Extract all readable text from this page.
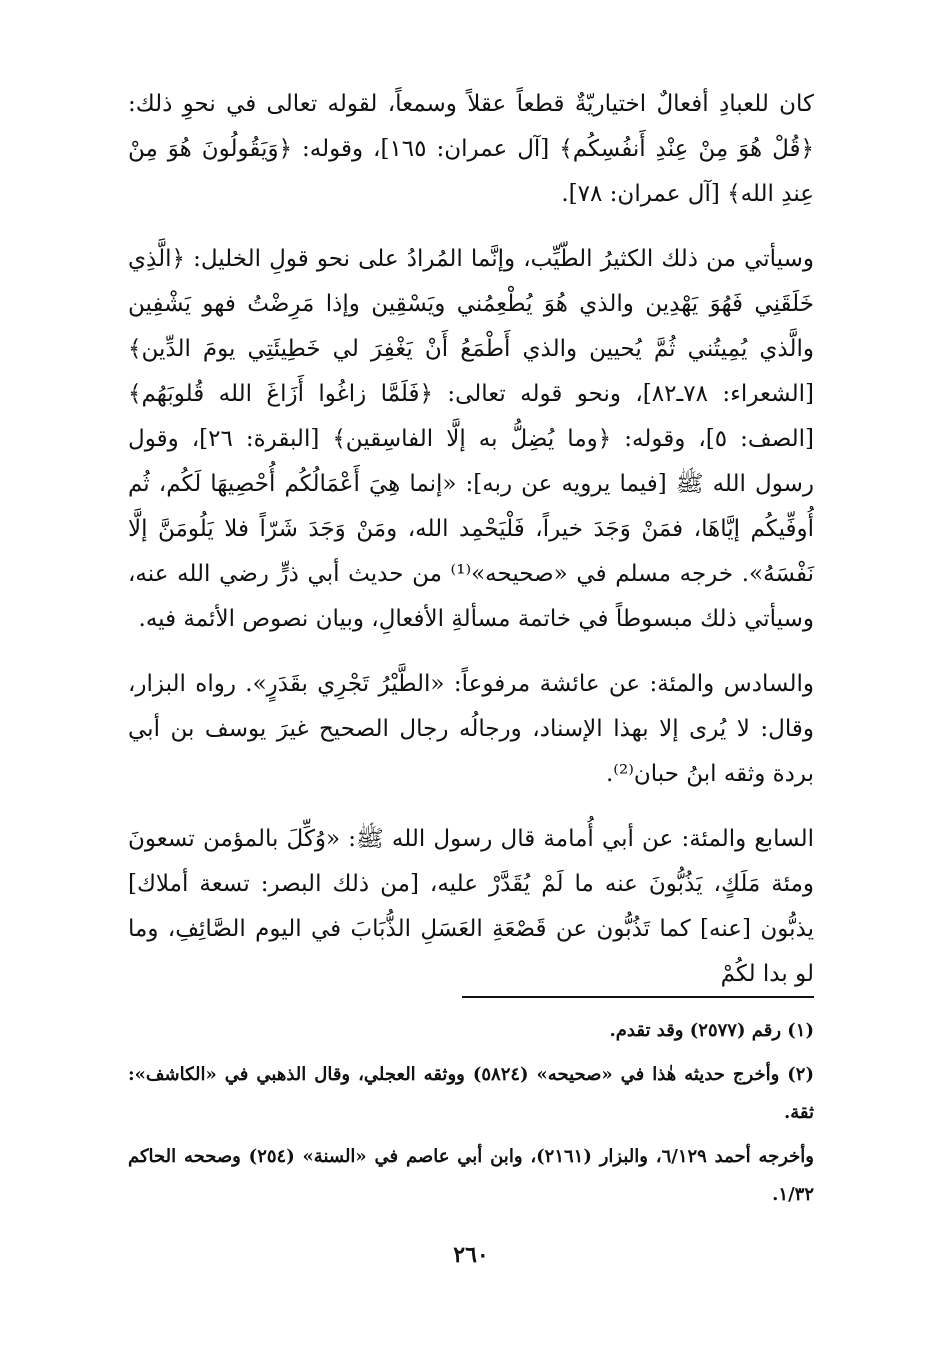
كان للعبادِ أفعالٌ اختياريّةٌ قطعاً عقلاً وسمعاً، لقوله تعالى في نحوِ ذلك: ﴿قُلْ هُوَ مِنْ عِنْدِ أَنفُسِكُم﴾ [آل عمران: ١٦٥]، وقوله: ﴿وَيَقُولُونَ هُوَ مِنْ عِندِ الله﴾ [آل عمران: ٧٨].

وسيأتي من ذلك الكثيرُ الطّيِّب، وإنَّما المُرادُ على نحو قولِ الخليل: ﴿الَّذِي خَلَقَنِي فَهُوَ يَهْدِين والذي هُوَ يُطْعِمُني ويَسْقِين وإذا مَرِضْتُ فهو يَشْفِين والَّذي يُمِيتُني ثُمَّ يُحيين والذي أَطْمَعُ أَنْ يَغْفِرَ لي خَطِيئَتِي يومَ الدِّين﴾ [الشعراء: ٧٨ـ٨٢]، ونحو قوله تعالى: ﴿فَلَمَّا زاغُوا أَزَاغَ الله قُلوبَهُم﴾ [الصف: ٥]، وقوله: ﴿وما يُضِلُّ به إلَّا الفاسِقين﴾ [البقرة: ٢٦]، وقول رسول الله ﷺ [فيما يرويه عن ربه]: «إنما هِيَ أَعْمَالُكُم أُحْصِيهَا لَكُم، ثُم أُوفِّيكُم إيَّاهَا، فمَنْ وَجَدَ خيراً، فَلْيَحْمِد الله، ومَنْ وَجَدَ شَرّاً فلا يَلُومَنَّ إلَّا نَفْسَهُ». خرجه مسلم في «صحيحه»⁽¹⁾ من حديث أبي ذرٍّ رضي الله عنه، وسيأتي ذلك مبسوطاً في خاتمة مسألةِ الأفعالِ، وبيان نصوص الأئمة فيه.

والسادس والمئة: عن عائشة مرفوعاً: «الطَّيْرُ تَجْرِي بقَدَرٍ». رواه البزار، وقال: لا يُرى إلا بهذا الإسناد، ورجالُه رجال الصحيح غيرَ يوسف بن أبي بردة وثقه ابنُ حبان⁽²⁾.

السابع والمئة: عن أبي أُمامة قال رسول الله ﷺ: «وُكِّلَ بالمؤمن تسعونَ ومئة مَلَكٍ، يَذُبُّونَ عنه ما لَمْ يُقَدَّرْ عليه، [من ذلك البصر: تسعة أملاك] يذبُّون [عنه] كما تَذُبُّون عن قَصْعَةِ العَسَلِ الذُّبَابَ في اليوم الصَّائِفِ، وما لو بدا لكُمْ

(١) رقم (٢٥٧٧) وقد تقدم.

(٢) وأخرج حديثه هٰذا في «صحيحه» (٥٨٢٤) ووثقه العجلي، وقال الذهبي في «الكاشف»: ثقة.

وأخرجه أحمد ٦/١٢٩، والبزار (٢١٦١)، وابن أبي عاصم في «السنة» (٢٥٤) وصححه الحاكم ١/٣٢.

٢٦٠
